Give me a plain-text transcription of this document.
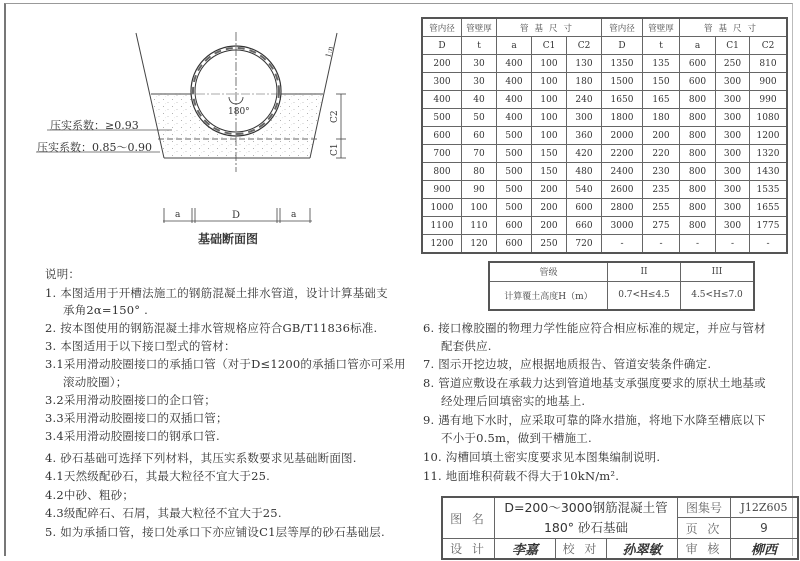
180°
1:n
C2
C1
a	D	a
压实系数：≥0.93
压实系数：0.85～0.90
基础断面图
管内径	管壁厚	管基尺寸			管内径	管壁厚	管基尺寸		
D	t	a	C1	C2	D	t	a	C1	C2
200	30	400	100	130	1350	135	600	250	810
300	30	400	100	180	1500	150	600	300	900
400	40	400	100	240	1650	165	800	300	990
500	50	400	100	300	1800	180	800	300	1080
600	60	500	100	360	2000	200	800	300	1200
700	70	500	150	420	2200	220	800	300	1320
800	80	500	150	480	2400	230	800	300	1430
900	90	500	200	540	2600	235	800	300	1535
1000	100	500	200	600	2800	255	800	300	1655
1100	110	600	200	660	3000	275	800	300	1775
1200	120	600	250	720	-	-	-	-	-
管级	II	III
计算覆土高度H（m）	0.7<H≤4.5	4.5<H≤7.0
说明：
1. 本图适用于开槽法施工的钢筋混凝土排水管道，设计计算基础支
承角2α=150° .
2. 按本图使用的钢筋混凝土排水管规格应符合GB/T11836标准.
3. 本图适用于以下接口型式的管材：
3.1采用滑动胶圈接口的承插口管（对于D≤1200的承插口管亦可采用
滚动胶圈）；
3.2采用滑动胶圈接口的企口管；
3.3采用滑动胶圈接口的双插口管；
3.4采用滑动胶圈接口的钢承口管.
4. 砂石基础可选择下列材料，其压实系数要求见基础断面图.
4.1天然级配砂石，其最大粒径不宜大于25.
4.2中砂、粗砂；
4.3级配碎石、石屑，其最大粒径不宜大于25.
5. 如为承插口管，接口处承口下亦应铺设C1层等厚的砂石基础层.
6. 接口橡胶圈的物理力学性能应符合相应标准的规定，并应与管材
配套供应.
7. 图示开挖边坡，应根据地质报告、管道安装条件确定.
8. 管道应敷设在承载力达到管道地基支承强度要求的原状土地基或
经处理后回填密实的地基上.
9. 遇有地下水时，应采取可靠的降水措施，将地下水降至槽底以下
不小于0.5m，做到干槽施工.
10. 沟槽回填土密实度要求见本图集编制说明.
11. 地面堆积荷载不得大于10kN/m².
图 名	D=200～3000钢筋混凝土管
180° 砂石基础			图集号	J12Z605
				页 次	9
设 计	李嘉	校 对	孙翠敏	审 核	柳西
